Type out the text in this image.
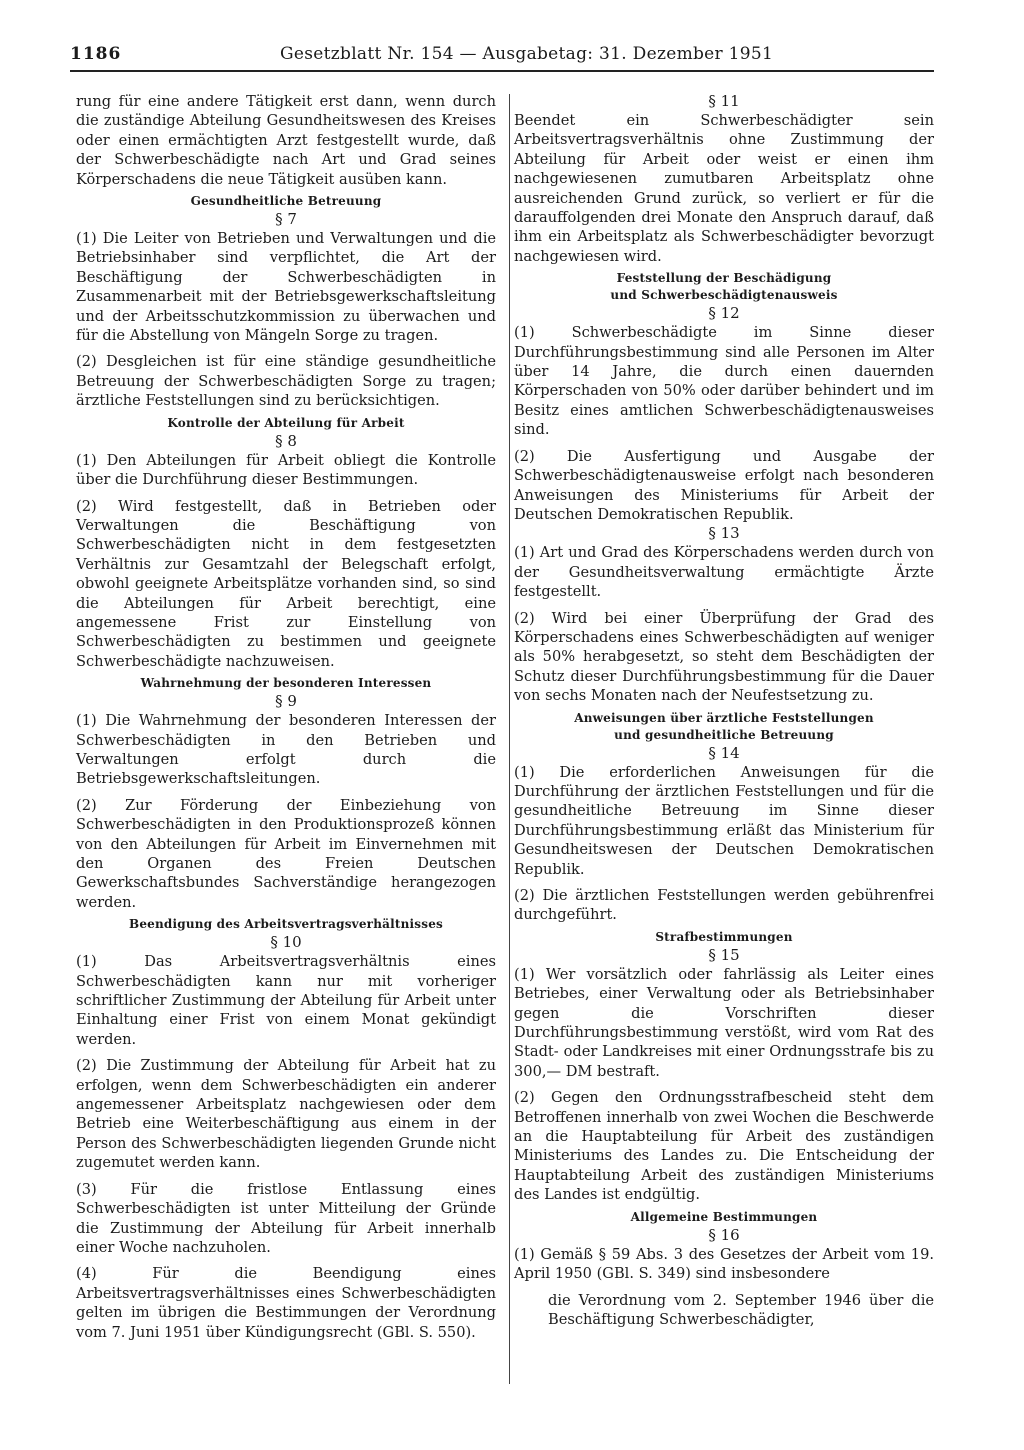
1186	Gesetzblatt Nr. 154 — Ausgabetag: 31. Dezember 1951

rung für eine andere Tätigkeit erst dann, wenn durch die zuständige Abteilung Gesundheitswesen des Kreises oder einen ermächtigten Arzt festgestellt wurde, daß der Schwerbeschädigte nach Art und Grad seines Körperschadens die neue Tätigkeit ausüben kann.

Gesundheitliche Betreuung
§ 7

(1) Die Leiter von Betrieben und Verwaltungen und die Betriebsinhaber sind verpflichtet, die Art der Beschäftigung der Schwerbeschädigten in Zusammenarbeit mit der Betriebsgewerkschaftsleitung und der Arbeitsschutzkommission zu überwachen und für die Abstellung von Mängeln Sorge zu tragen.

(2) Desgleichen ist für eine ständige gesundheitliche Betreuung der Schwerbeschädigten Sorge zu tragen; ärztliche Feststellungen sind zu berücksichtigen.

Kontrolle der Abteilung für Arbeit
§ 8

(1) Den Abteilungen für Arbeit obliegt die Kontrolle über die Durchführung dieser Bestimmungen.

(2) Wird festgestellt, daß in Betrieben oder Verwaltungen die Beschäftigung von Schwerbeschädigten nicht in dem festgesetzten Verhältnis zur Gesamtzahl der Belegschaft erfolgt, obwohl geeignete Arbeitsplätze vorhanden sind, so sind die Abteilungen für Arbeit berechtigt, eine angemessene Frist zur Einstellung von Schwerbeschädigten zu bestimmen und geeignete Schwerbeschädigte nachzuweisen.

Wahrnehmung der besonderen Interessen
§ 9

(1) Die Wahrnehmung der besonderen Interessen der Schwerbeschädigten in den Betrieben und Verwaltungen erfolgt durch die Betriebsgewerkschaftsleitungen.

(2) Zur Förderung der Einbeziehung von Schwerbeschädigten in den Produktionsprozeß können von den Abteilungen für Arbeit im Einvernehmen mit den Organen des Freien Deutschen Gewerkschaftsbundes Sachverständige herangezogen werden.

Beendigung des Arbeitsvertragsverhältnisses
§ 10

(1) Das Arbeitsvertragsverhältnis eines Schwerbeschädigten kann nur mit vorheriger schriftlicher Zustimmung der Abteilung für Arbeit unter Einhaltung einer Frist von einem Monat gekündigt werden.

(2) Die Zustimmung der Abteilung für Arbeit hat zu erfolgen, wenn dem Schwerbeschädigten ein anderer angemessener Arbeitsplatz nachgewiesen oder dem Betrieb eine Weiterbeschäftigung aus einem in der Person des Schwerbeschädigten liegenden Grunde nicht zugemutet werden kann.

(3) Für die fristlose Entlassung eines Schwerbeschädigten ist unter Mitteilung der Gründe die Zustimmung der Abteilung für Arbeit innerhalb einer Woche nachzuholen.

(4) Für die Beendigung eines Arbeitsvertragsverhältnisses eines Schwerbeschädigten gelten im übrigen die Bestimmungen der Verordnung vom 7. Juni 1951 über Kündigungsrecht (GBl. S. 550).

§ 11

Beendet ein Schwerbeschädigter sein Arbeitsvertragsverhältnis ohne Zustimmung der Abteilung für Arbeit oder weist er einen ihm nachgewiesenen zumutbaren Arbeitsplatz ohne ausreichenden Grund zurück, so verliert er für die darauffolgenden drei Monate den Anspruch darauf, daß ihm ein Arbeitsplatz als Schwerbeschädigter bevorzugt nachgewiesen wird.

Feststellung der Beschädigung
und Schwerbeschädigtenausweis
§ 12

(1) Schwerbeschädigte im Sinne dieser Durchführungsbestimmung sind alle Personen im Alter über 14 Jahre, die durch einen dauernden Körperschaden von 50% oder darüber behindert und im Besitz eines amtlichen Schwerbeschädigtenausweises sind.

(2) Die Ausfertigung und Ausgabe der Schwerbeschädigtenausweise erfolgt nach besonderen Anweisungen des Ministeriums für Arbeit der Deutschen Demokratischen Republik.

§ 13

(1) Art und Grad des Körperschadens werden durch von der Gesundheitsverwaltung ermächtigte Ärzte festgestellt.

(2) Wird bei einer Überprüfung der Grad des Körperschadens eines Schwerbeschädigten auf weniger als 50% herabgesetzt, so steht dem Beschädigten der Schutz dieser Durchführungsbestimmung für die Dauer von sechs Monaten nach der Neufestsetzung zu.

Anweisungen über ärztliche Feststellungen
und gesundheitliche Betreuung
§ 14

(1) Die erforderlichen Anweisungen für die Durchführung der ärztlichen Feststellungen und für die gesundheitliche Betreuung im Sinne dieser Durchführungsbestimmung erläßt das Ministerium für Gesundheitswesen der Deutschen Demokratischen Republik.

(2) Die ärztlichen Feststellungen werden gebührenfrei durchgeführt.

Strafbestimmungen
§ 15

(1) Wer vorsätzlich oder fahrlässig als Leiter eines Betriebes, einer Verwaltung oder als Betriebsinhaber gegen die Vorschriften dieser Durchführungsbestimmung verstößt, wird vom Rat des Stadt- oder Landkreises mit einer Ordnungsstrafe bis zu 300,— DM bestraft.

(2) Gegen den Ordnungsstrafbescheid steht dem Betroffenen innerhalb von zwei Wochen die Beschwerde an die Hauptabteilung für Arbeit des zuständigen Ministeriums des Landes zu. Die Entscheidung der Hauptabteilung Arbeit des zuständigen Ministeriums des Landes ist endgültig.

Allgemeine Bestimmungen
§ 16

(1) Gemäß § 59 Abs. 3 des Gesetzes der Arbeit vom 19. April 1950 (GBl. S. 349) sind insbesondere

die Verordnung vom 2. September 1946 über die Beschäftigung Schwerbeschädigter,
